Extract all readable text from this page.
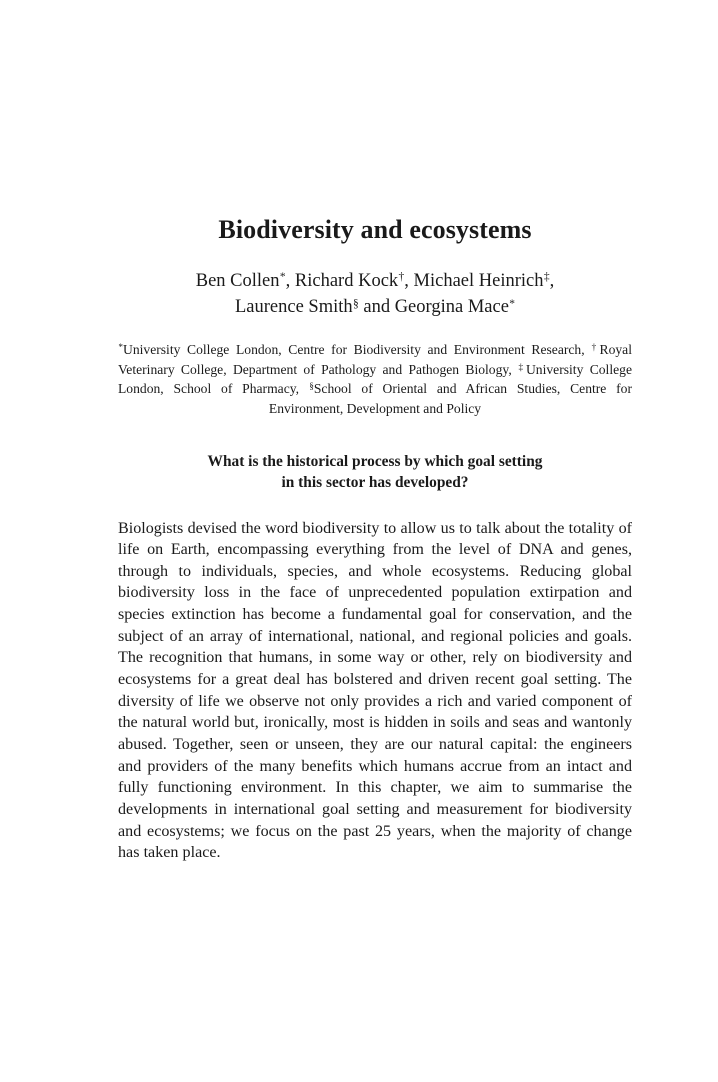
Biodiversity and ecosystems
Ben Collen*, Richard Kock†, Michael Heinrich‡,
Laurence Smith§ and Georgina Mace*
*University College London, Centre for Biodiversity and Environment Research, †Royal Veterinary College, Department of Pathology and Pathogen Biology, ‡University College London, School of Pharmacy, §School of Oriental and African Studies, Centre for Environment, Development and Policy
What is the historical process by which goal setting
in this sector has developed?

Biologists devised the word biodiversity to allow us to talk about the totality of life on Earth, encompassing everything from the level of DNA and genes, through to individuals, species, and whole ecosystems. Reducing global biodiversity loss in the face of unprecedented population extirpation and species extinction has become a fundamental goal for conservation, and the subject of an array of international, national, and regional policies and goals. The recognition that humans, in some way or other, rely on biodiversity and ecosystems for a great deal has bolstered and driven recent goal setting. The diversity of life we observe not only provides a rich and varied component of the natural world but, ironically, most is hidden in soils and seas and wantonly abused. Together, seen or unseen, they are our natural capital: the engineers and providers of the many benefits which humans accrue from an intact and fully functioning environment. In this chapter, we aim to summarise the developments in international goal setting and measurement for biodiversity and ecosystems; we focus on the past 25 years, when the majority of change has taken place.
